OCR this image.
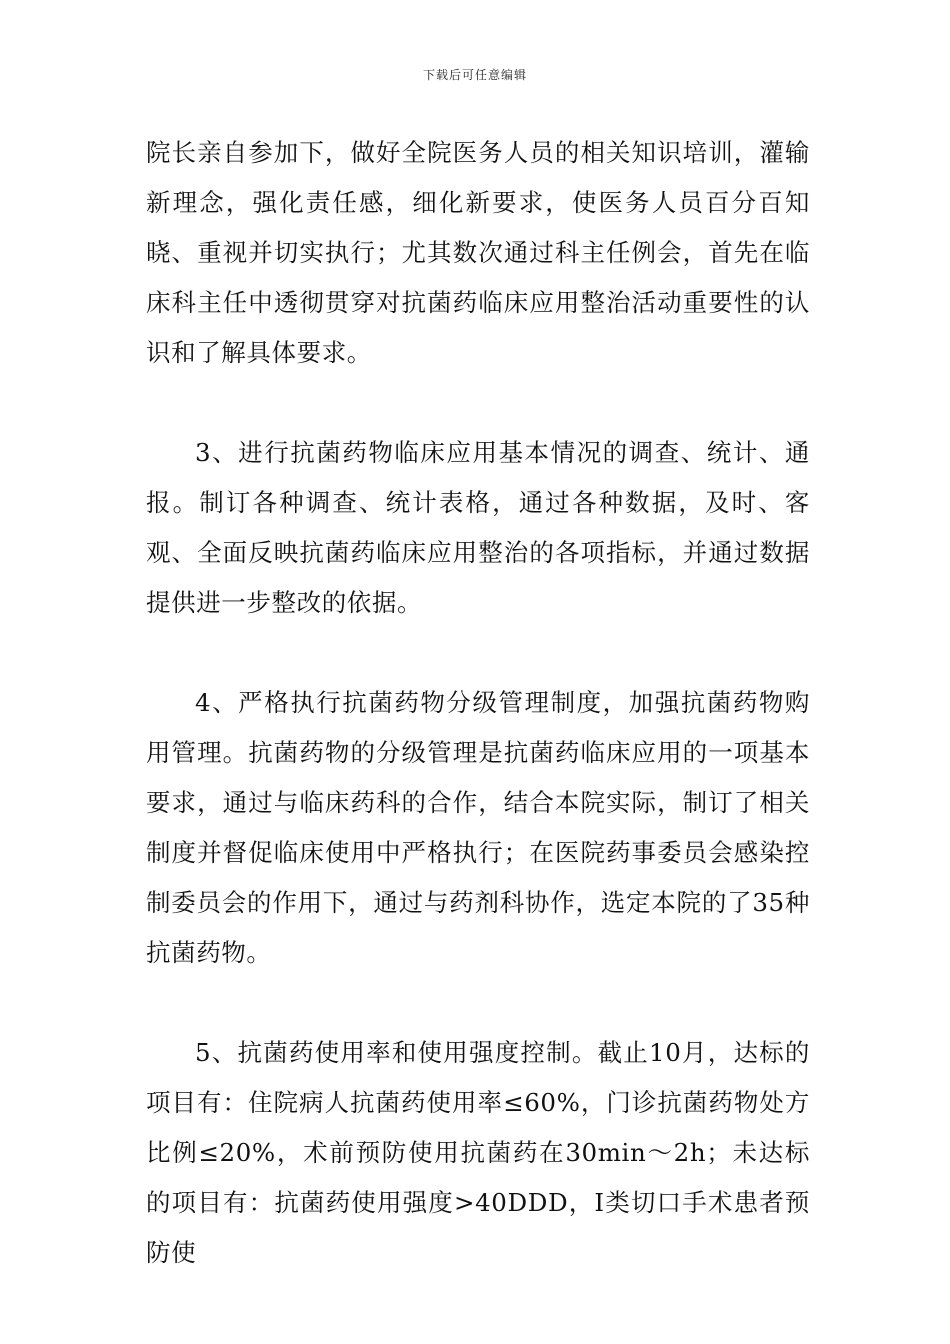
下载后可任意编辑

院长亲自参加下，做好全院医务人员的相关知识培训，灌输新理念，强化责任感，细化新要求，使医务人员百分百知晓、重视并切实执行；尤其数次通过科主任例会，首先在临床科主任中透彻贯穿对抗菌药临床应用整治活动重要性的认识和了解具体要求。

3、进行抗菌药物临床应用基本情况的调查、统计、通报。制订各种调查、统计表格，通过各种数据，及时、客观、全面反映抗菌药临床应用整治的各项指标，并通过数据提供进一步整改的依据。

4、严格执行抗菌药物分级管理制度，加强抗菌药物购用管理。抗菌药物的分级管理是抗菌药临床应用的一项基本要求，通过与临床药科的合作，结合本院实际，制订了相关制度并督促临床使用中严格执行；在医院药事委员会感染控制委员会的作用下，通过与药剂科协作，选定本院的了35种抗菌药物。

5、抗菌药使用率和使用强度控制。截止10月，达标的项目有：住院病人抗菌药使用率≤60%，门诊抗菌药物处方比例≤20%，术前预防使用抗菌药在30min～2h；未达标的项目有：抗菌药使用强度>40DDD，I类切口手术患者预防使
